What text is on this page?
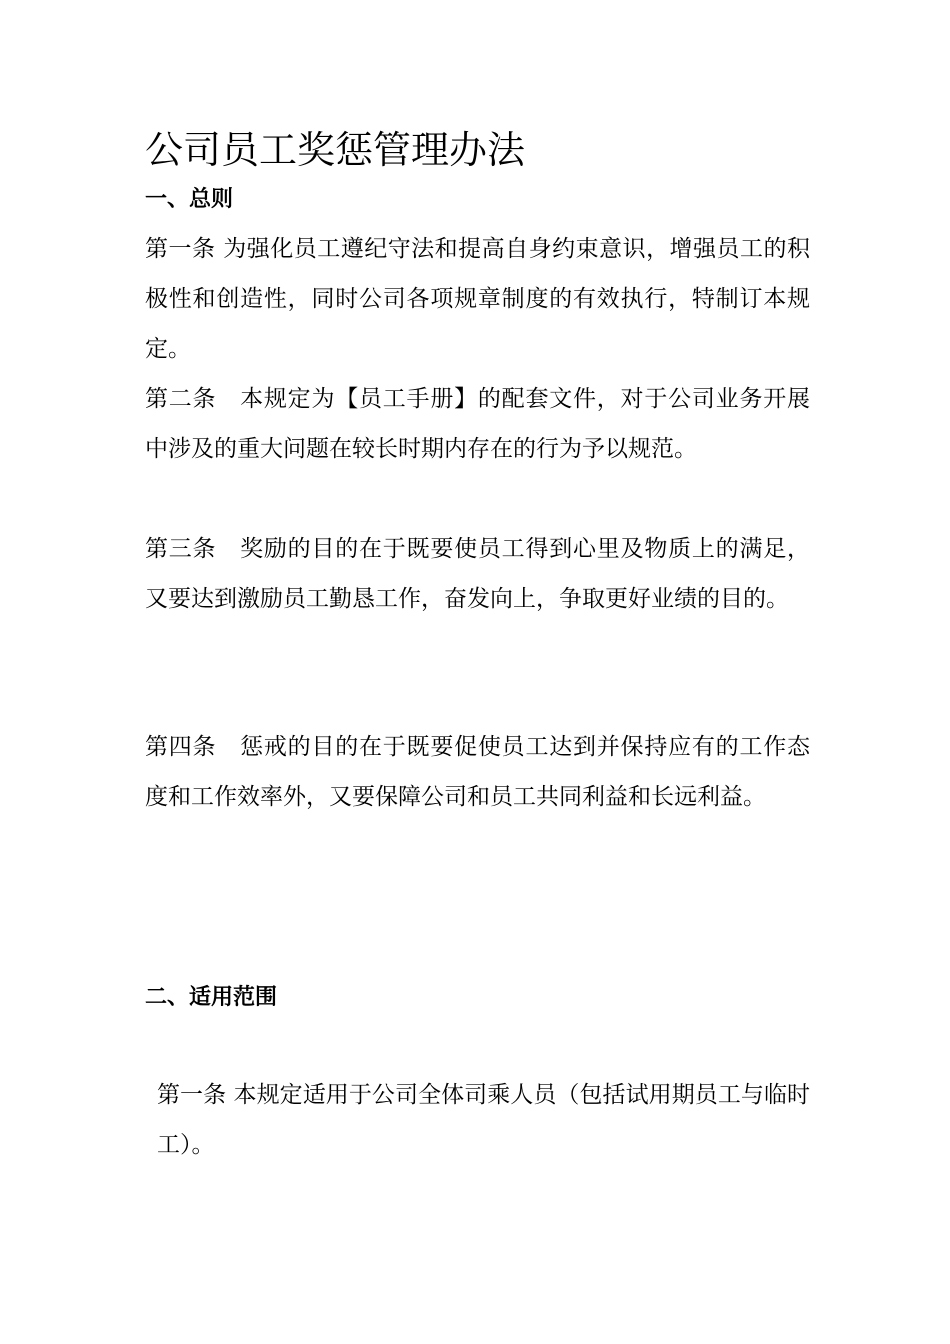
公司员工奖惩管理办法
一、总则

第一条 为强化员工遵纪守法和提高自身约束意识，增强员工的积极性和创造性，同时公司各项规章制度的有效执行，特制订本规定。

第二条　本规定为【员工手册】的配套文件，对于公司业务开展中涉及的重大问题在较长时期内存在的行为予以规范。

第三条　奖励的目的在于既要使员工得到心里及物质上的满足，又要达到激励员工勤恳工作，奋发向上，争取更好业绩的目的。

第四条　惩戒的目的在于既要促使员工达到并保持应有的工作态度和工作效率外，又要保障公司和员工共同利益和长远利益。

二、适用范围

第一条 本规定适用于公司全体司乘人员（包括试用期员工与临时工）。
